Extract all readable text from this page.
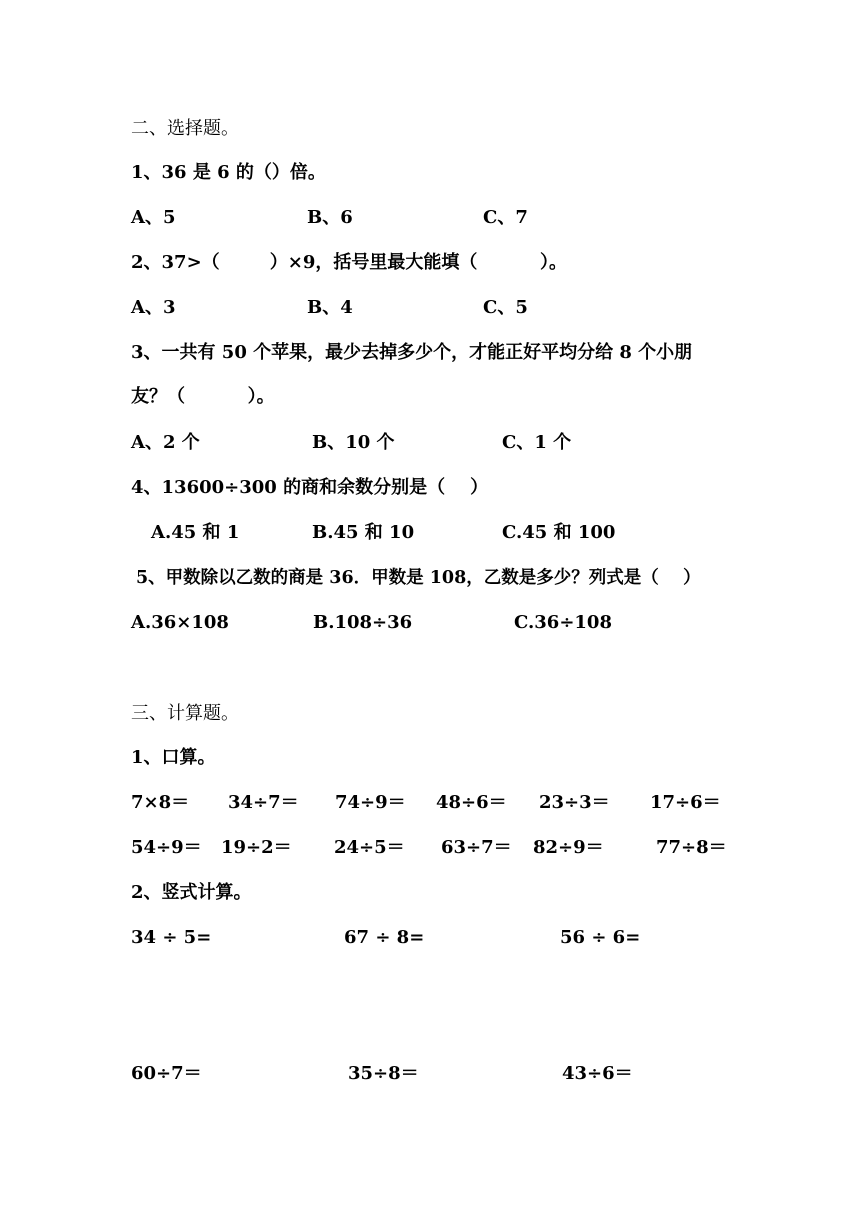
二、选择题。
1、36 是 6 的（）倍。
A、5	B、6	C、7
2、37>（        ）×9，括号里最大能填（          ）。
A、3	B、4	C、5
3、一共有 50 个苹果，最少去掉多少个，才能正好平均分给 8 个小朋
友？（          ）。
A、2 个	B、10 个	C、1 个
4、13600÷300 的商和余数分别是（    ）
A.45 和 1	B.45 和 10	C.45 和 100
5、甲数除以乙数的商是 36．甲数是 108，乙数是多少？列式是（    ）
A.36×108	B.108÷36	C.36÷108
三、计算题。
1、口算。
7×8＝ 34÷7＝ 74÷9＝ 48÷6＝ 23÷3＝ 17÷6＝
54÷9＝ 19÷2＝ 24÷5＝ 63÷7＝ 82÷9＝	77÷8＝
2、竖式计算。
34 ÷ 5=	67 ÷ 8=	56 ÷ 6=
60÷7＝	35÷8＝	43÷6＝
